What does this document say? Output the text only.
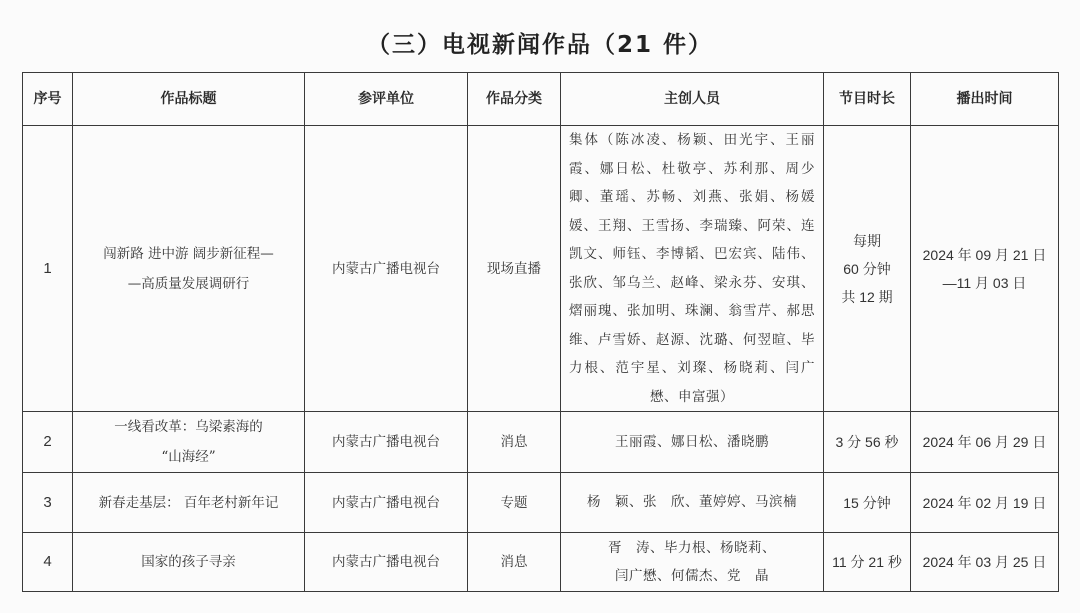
（三）电视新闻作品（21 件）
序号	作品标题	参评单位	作品分类	主创人员	节目时长	播出时间
1	闯新路 进中游 阔步新征程—
—高质量发展调研行	内蒙古广播电视台	现场直播	集体（陈冰凌、杨颖、田光宇、王丽霞、娜日松、杜敬亭、苏利那、周少卿、董瑶、苏畅、刘燕、张娟、杨媛媛、王翔、王雪扬、李瑞臻、阿荣、连凯文、师钰、李博韬、巴宏宾、陆伟、张欣、邹乌兰、赵峰、梁永芬、安琪、熠丽瑰、张加明、珠澜、翁雪芹、郝思维、卢雪娇、赵源、沈璐、何翌暄、毕力根、范宇星、刘璨、杨晓莉、闫广懋、申富强）	每期
60 分钟
共 12 期	2024 年 09 月 21 日
—11 月 03 日

2	一线看改革：乌梁素海的
“山海经”	内蒙古广播电视台	消息	王丽霞、娜日松、潘晓鹏	3 分 56 秒	2024 年 06 月 29 日
3	新春走基层： 百年老村新年记	内蒙古广播电视台	专题	杨　颖、张　欣、董婷婷、马滨楠	15 分钟	2024 年 02 月 19 日
4	国家的孩子寻亲	内蒙古广播电视台	消息	胥　涛、毕力根、杨晓莉、
闫广懋、何儒杰、党　晶	11 分 21 秒	2024 年 03 月 25 日
